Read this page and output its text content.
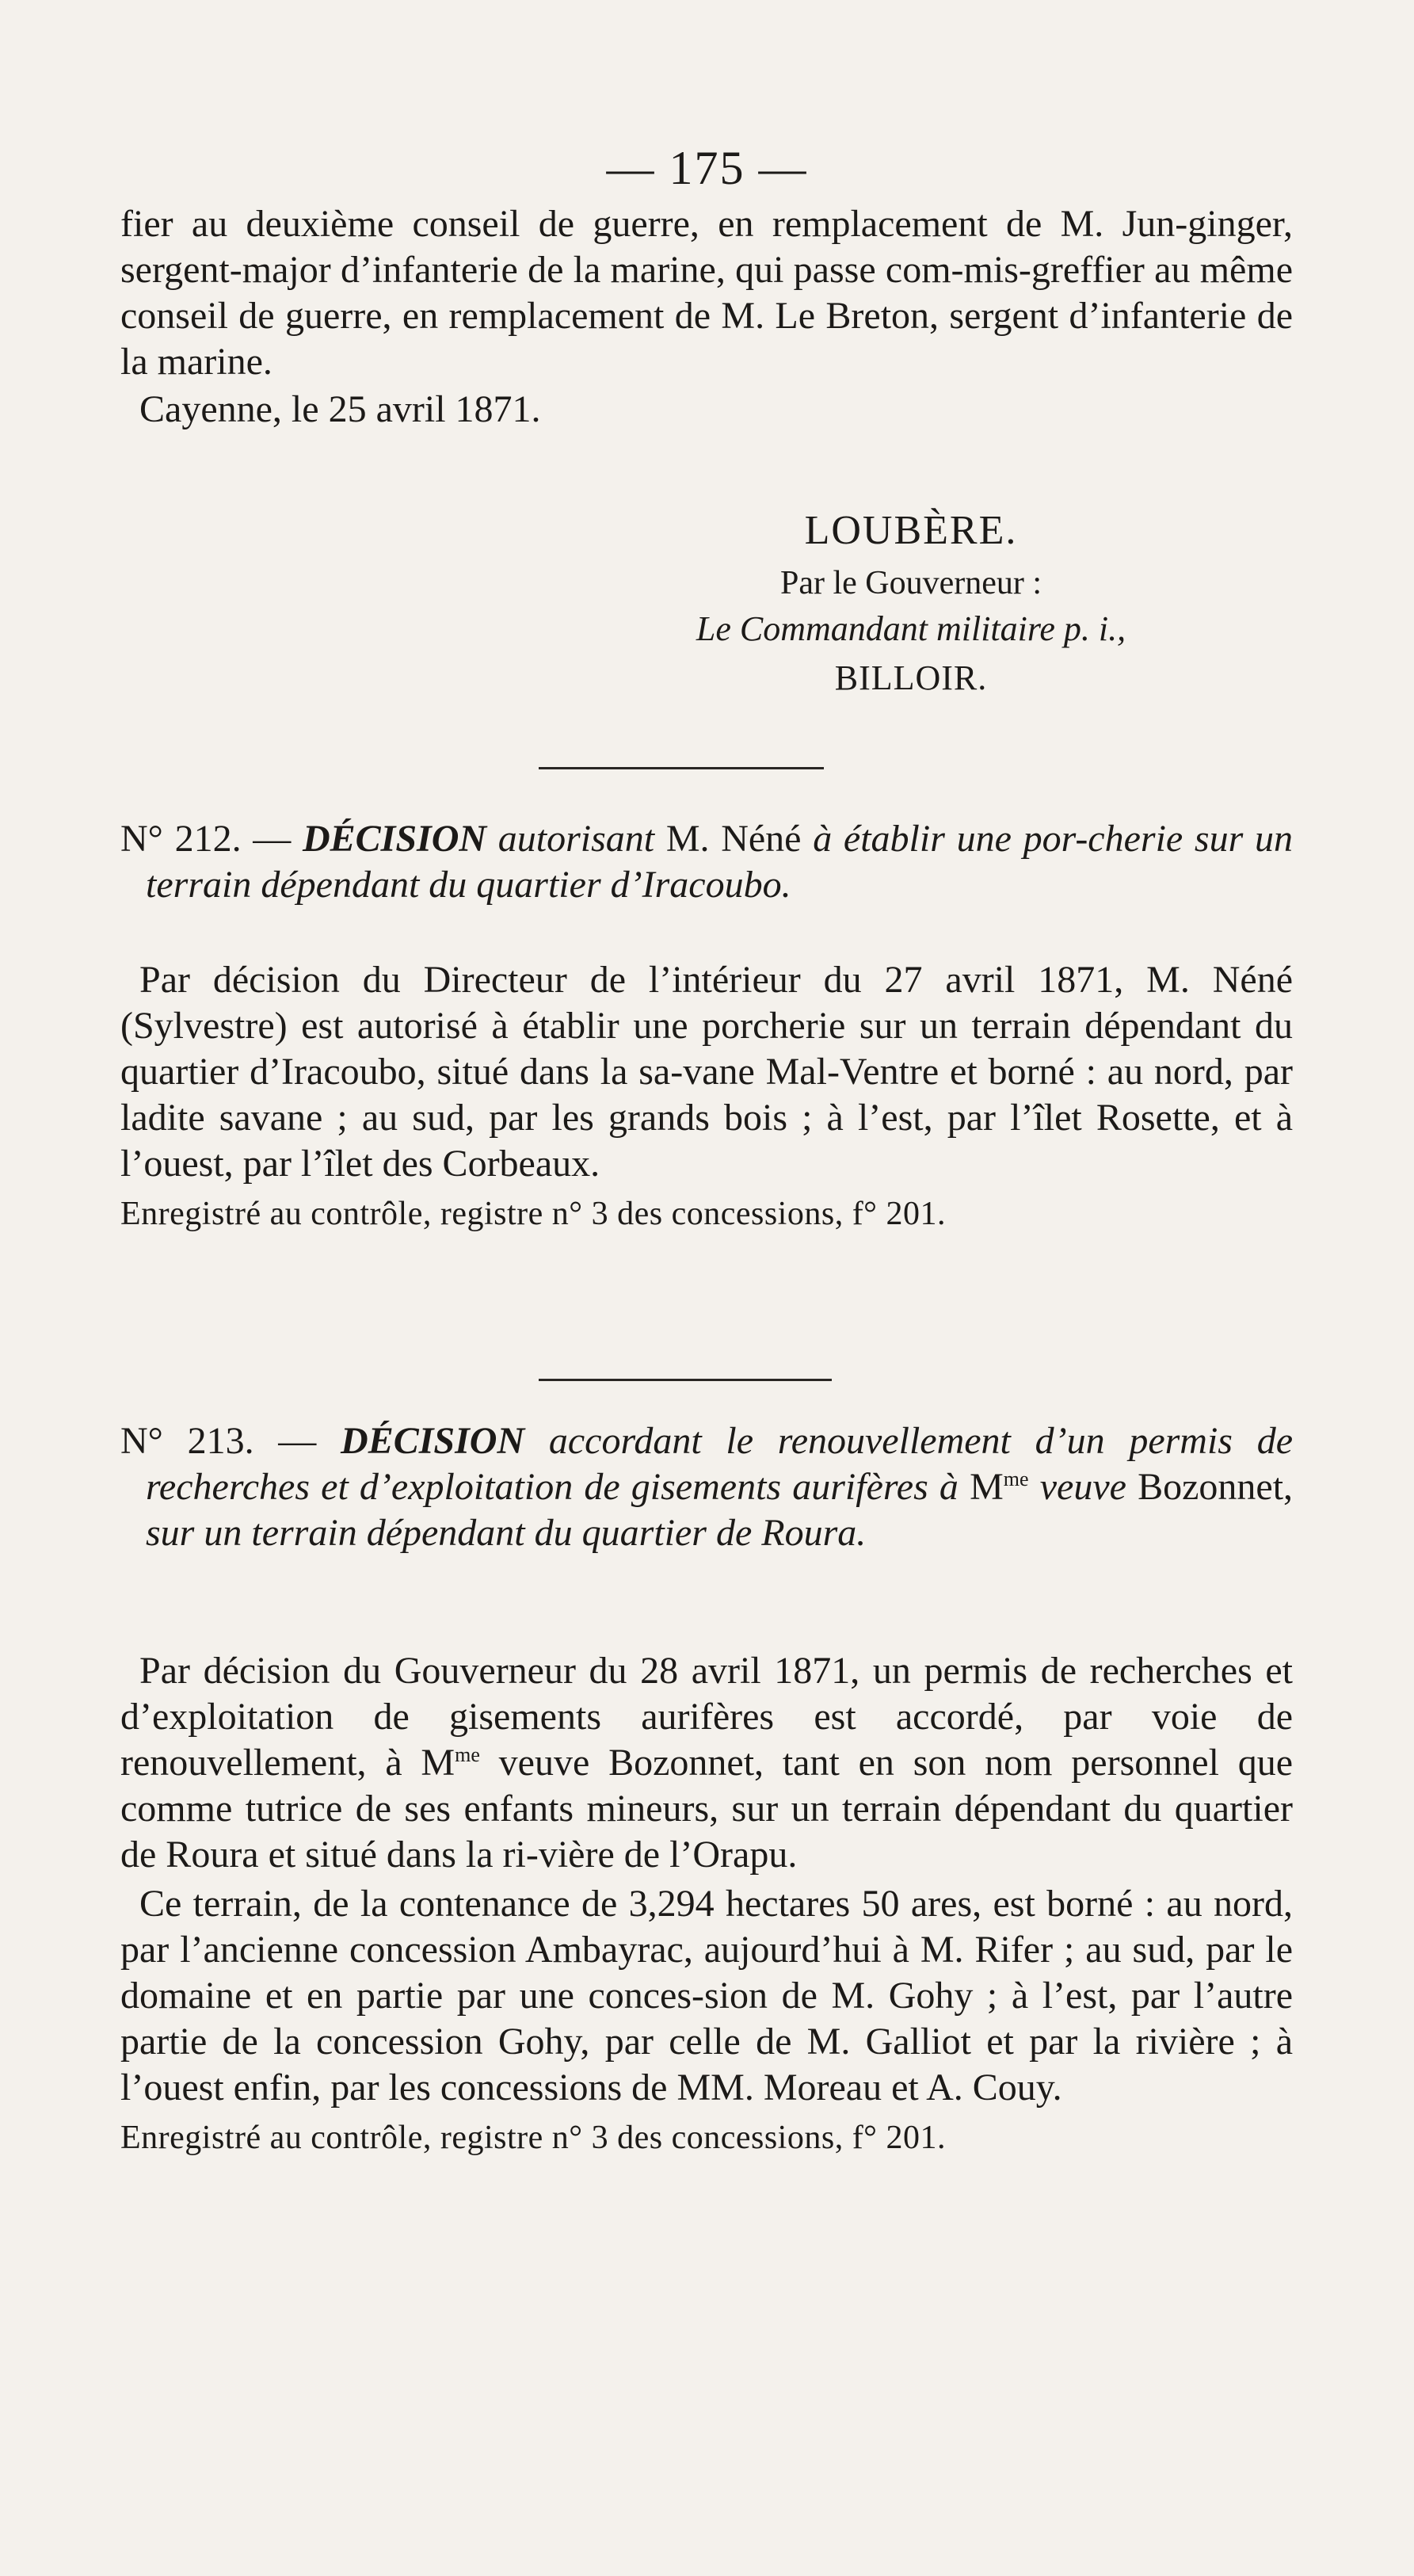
— 175 —

fier au deuxième conseil de guerre, en remplacement de M. Jun-ginger, sergent-major d’infanterie de la marine, qui passe com-mis-greffier au même conseil de guerre, en remplacement de M. Le Breton, sergent d’infanterie de la marine.

Cayenne, le 25 avril 1871.

LOUBÈRE.
Par le Gouverneur :
Le Commandant militaire p. i.,
BILLOIR.

N° 212. — DÉCISION autorisant M. Néné à établir une por-cherie sur un terrain dépendant du quartier d’Iracoubo.

Par décision du Directeur de l’intérieur du 27 avril 1871, M. Néné (Sylvestre) est autorisé à établir une porcherie sur un terrain dépendant du quartier d’Iracoubo, situé dans la sa-vane Mal-Ventre et borné : au nord, par ladite savane ; au sud, par les grands bois ; à l’est, par l’îlet Rosette, et à l’ouest, par l’îlet des Corbeaux.

Enregistré au contrôle, registre n° 3 des concessions, f° 201.

N° 213. — DÉCISION accordant le renouvellement d’un permis de recherches et d’exploitation de gisements aurifères à $M^{me}$ veuve Bozonnet, sur un terrain dépendant du quartier de Roura.

Par décision du Gouverneur du 28 avril 1871, un permis de recherches et d’exploitation de gisements aurifères est accordé, par voie de renouvellement, à $M^{me}$ veuve Bozonnet, tant en son nom personnel que comme tutrice de ses enfants mineurs, sur un terrain dépendant du quartier de Roura et situé dans la ri-vière de l’Orapu.

Ce terrain, de la contenance de 3,294 hectares 50 ares, est borné : au nord, par l’ancienne concession Ambayrac, aujourd’hui à M. Rifer ; au sud, par le domaine et en partie par une conces-sion de M. Gohy ; à l’est, par l’autre partie de la concession Gohy, par celle de M. Galliot et par la rivière ; à l’ouest enfin, par les concessions de MM. Moreau et A. Couy.

Enregistré au contrôle, registre n° 3 des concessions, f° 201.
